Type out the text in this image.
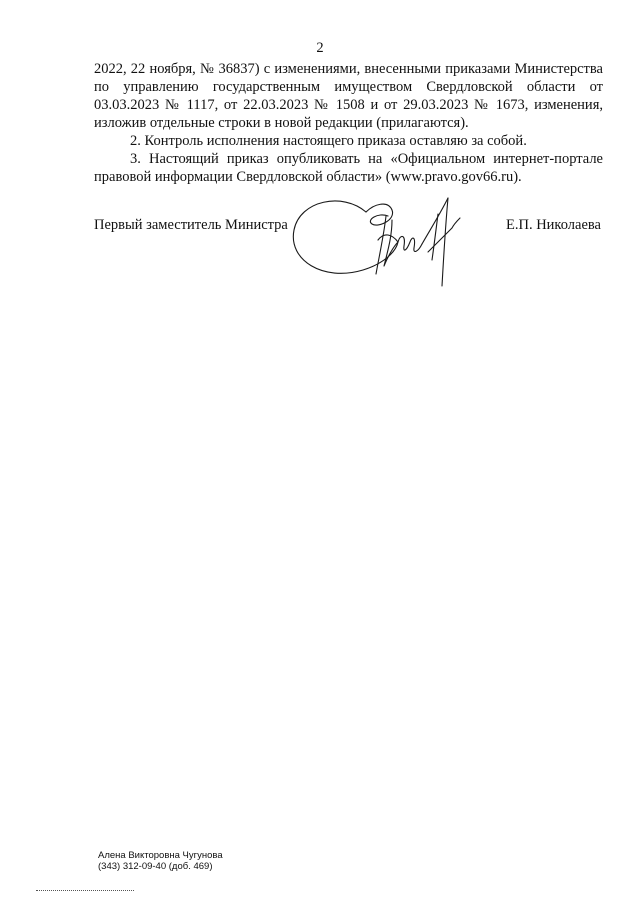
2

2022, 22 ноября, № 36837) с изменениями, внесенными приказами Министерства по управлению государственным имуществом Свердловской области от 03.03.2023 № 1117, от 22.03.2023 № 1508 и от 29.03.2023 № 1673, изменения, изложив отдельные строки в новой редакции (прилагаются).

2. Контроль исполнения настоящего приказа оставляю за собой.

3. Настоящий приказ опубликовать на «Официальном интернет-портале правовой информации Свердловской области» (www.pravo.gov66.ru).

Первый заместитель Министра	Е.П. Николаева
Алена Викторовна Чугунова
(343) 312-09-40 (доб. 469)
